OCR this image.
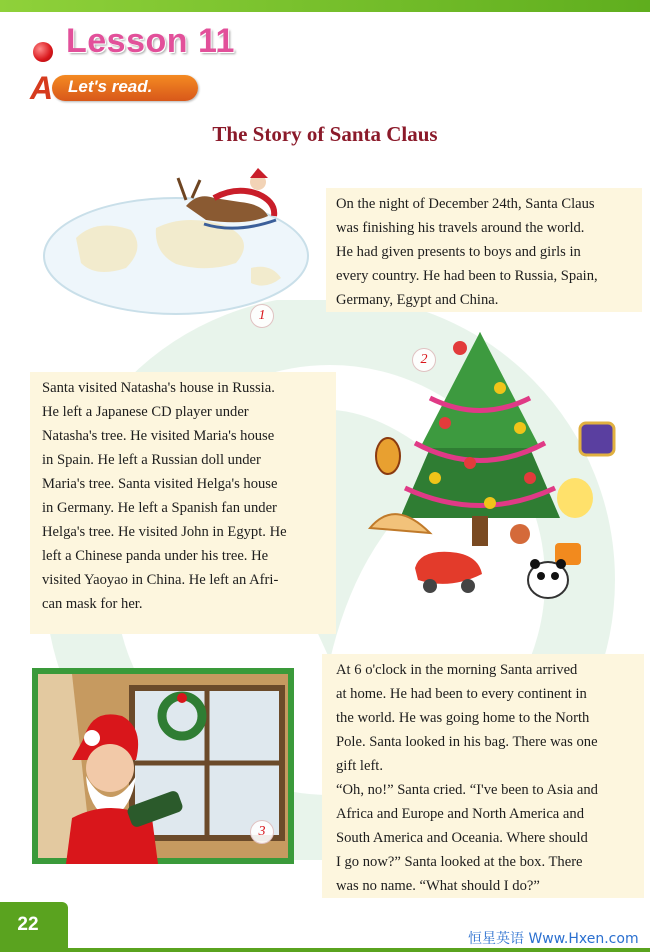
Lesson 11
A Let's read.
The Story of Santa Claus
1
On the night of December 24th, Santa Claus
was finishing his travels around the world.
He had given presents to boys and girls in
every country. He had been to Russia, Spain,
Germany, Egypt and China.
2
Santa visited Natasha's house in Russia.
He left a Japanese CD player under
Natasha's tree. He visited Maria's house
in Spain. He left a Russian doll under
Maria's tree. Santa visited Helga's house
in Germany. He left a Spanish fan under
Helga's tree. He visited John in Egypt. He
left a Chinese panda under his tree. He
visited Yaoyao in China. He left an Afri-
can mask for her.
3
At 6 o'clock in the morning Santa arrived
at home. He had been to every continent in
the world. He was going home to the North
Pole. Santa looked in his bag. There was one
gift left.
“Oh, no!” Santa cried. “I've been to Asia and
Africa and Europe and North America and
South America and Oceania. Where should
I go now?” Santa looked at the box. There
was no name. “What should I do?”
22
恒星英语 Www.Hxen.com
